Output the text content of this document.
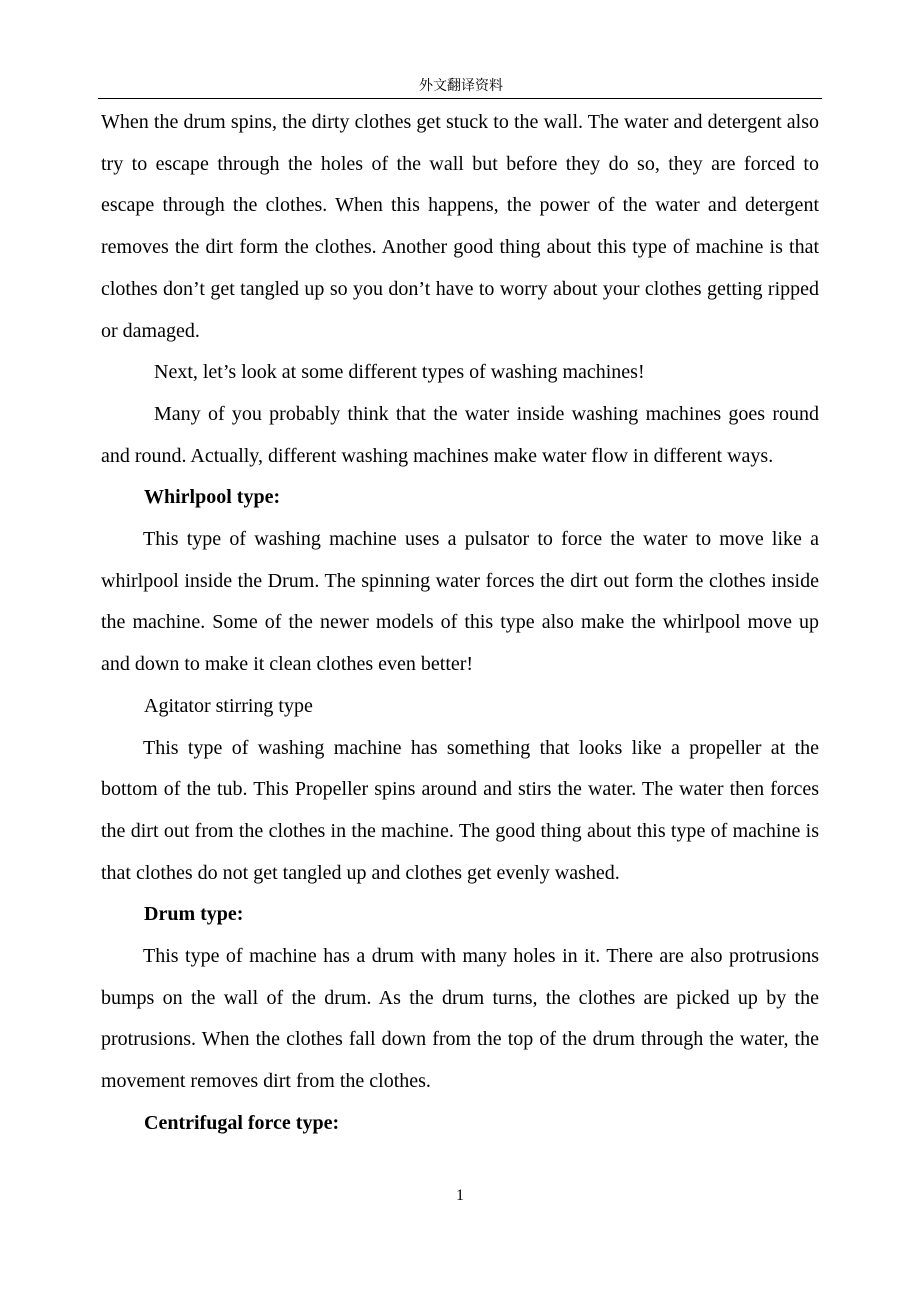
外文翻译资料

When the drum spins, the dirty clothes get stuck to the wall. The water and detergent also try to escape through the holes of the wall but before they do so, they are forced to escape through the clothes. When this happens, the power of the water and detergent removes the dirt form the clothes. Another good thing about this type of machine is that clothes don’t get tangled up so you don’t have to worry about your clothes getting ripped or damaged.

Next, let’s look at some different types of washing machines!

Many of you probably think that the water inside washing machines goes round and round. Actually, different washing machines make water flow in different ways.

Whirlpool type:

This type of washing machine uses a pulsator to force the water to move like a whirlpool inside the Drum. The spinning water forces the dirt out form the clothes inside the machine. Some of the newer models of this type also make the whirlpool move up and down to make it clean clothes even better!

Agitator stirring type

This type of washing machine has something that looks like a propeller at the bottom of the tub. This Propeller spins around and stirs the water. The water then forces the dirt out from the clothes in the machine. The good thing about this type of machine is that clothes do not get tangled up and clothes get evenly washed.

Drum type:

This type of machine has a drum with many holes in it. There are also protrusions bumps on the wall of the drum. As the drum turns, the clothes are picked up by the protrusions. When the clothes fall down from the top of the drum through the water, the movement removes dirt from the clothes.

Centrifugal force type:

1
